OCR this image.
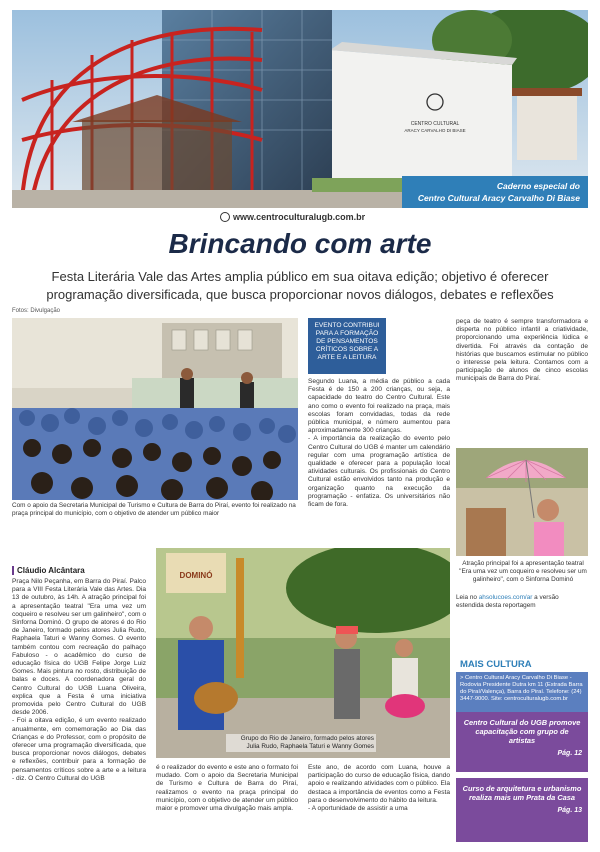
CENTRO CULTURAL
ARACY CARVALHO DI BIASE
Caderno especial do
Centro Cultural Aracy Carvalho Di Biase
www.centroculturalugb.com.br
Brincando com arte
Festa Literária Vale das Artes amplia público em sua oitava edição; objetivo é oferecer programação diversificada, que busca proporcionar novos diálogos, debates e reflexões
Fotos: Divulgação
Com o apoio da Secretaria Municipal de Turismo e Cultura de Barra do Piraí, evento foi realizado na praça principal do município, com o objetivo de atender um público maior

Segundo Luana, a média de público a cada Festa é de 150 a 200 crianças, ou seja, a capacidade do teatro do Centro Cultural. Este ano como o evento foi realizado na praça, mais escolas foram convidadas, todas da rede pública municipal, e número aumentou para aproximadamente 300 crianças.

- A importância da realização do evento pelo Centro Cultural do UGB é manter um calendário regular com uma programação artística de qualidade e oferecer para a população local atividades culturais. Os profissionais do Centro Cultural estão envolvidos tanto na produção e organização quanto na execução da programação - enfatiza. Os universitários não ficam de fora.

EVENTO CONTRIBUI PARA A FORMAÇÃO DE PENSAMENTOS CRÍTICOS SOBRE A ARTE E A LEITURA
peça de teatro é sempre transformadora e disperta no público infantil a criatividade, proporcionando uma experiência lúdica e divertida. Foi através da contação de histórias que buscamos estimular no público o interesse pela leitura. Contamos com a participação de alunos de cinco escolas municipais de Barra do Piraí.
Atração principal foi a apresentação teatral "Era uma vez um coqueiro e resolveu ser um galinheiro", com o Sinforna Dominó
Leia no ahsolucoes.com/ar a versão estendida desta reportagem
Cláudio Alcântara

Praça Nilo Peçanha, em Barra do Piraí. Palco para a VIII Festa Literária Vale das Artes. Dia 13 de outubro, às 14h. A atração principal foi a apresentação teatral "Era uma vez um coqueiro e resolveu ser um galinheiro", com o Sinforna Dominó. O grupo de atores é do Rio de Janeiro, formado pelos atores Julia Rudo, Raphaela Taturi e Wanny Gomes. O evento também contou com recreação do palhaço Fabuloso - o acadêmico do curso de educação física do UGB Felipe Jorge Luiz Gomes. Mais pintura no rosto, distribuição de balas e doces. A coordenadora geral do Centro Cultural do UGB Luana Oliveira, explica que a Festa é uma iniciativa promovida pelo Centro Cultural do UGB desde 2006.

- Foi a oitava edição, é um evento realizado anualmente, em comemoração ao Dia das Crianças e do Professor, com o propósito de oferecer uma programação diversificada, que busca proporcionar novos diálogos, debates e reflexões, contribuir para a formação de pensamentos críticos sobre a arte e a leitura - diz. O Centro Cultural do UGB

DOMINÓ
Grupo do Rio de Janeiro, formado pelos atores Julia Rudo, Raphaela Taturi e Wanny Gomes
é o realizador do evento e este ano o formato foi mudado. Com o apoio da Secretaria Municipal de Turismo e Cultura de Barra do Piraí, realizamos o evento na praça principal do município, com o objetivo de atender um público maior e promover uma divulgação mais ampla.

Este ano, de acordo com Luana, houve a participação do curso de educação física, dando apoio e realizando atividades com o público. Ela destaca a importância de eventos como a Festa para o desenvolvimento do hábito da leitura.

- A oportunidade de assistir a uma

MAIS CULTURA
> Centro Cultural Aracy Carvalho Di Biase - Rodovia Presidente Dutra km 11 (Estrada Barra do Piraí/Valença), Barra do Piraí. Telefone: (24) 3447-9000. Site: centroculturalugb.com.br
Centro Cultural do UGB promove capacitação com grupo de artistas
Pág. 12
Curso de arquitetura e urbanismo realiza mais um Prata da Casa
Pág. 13
